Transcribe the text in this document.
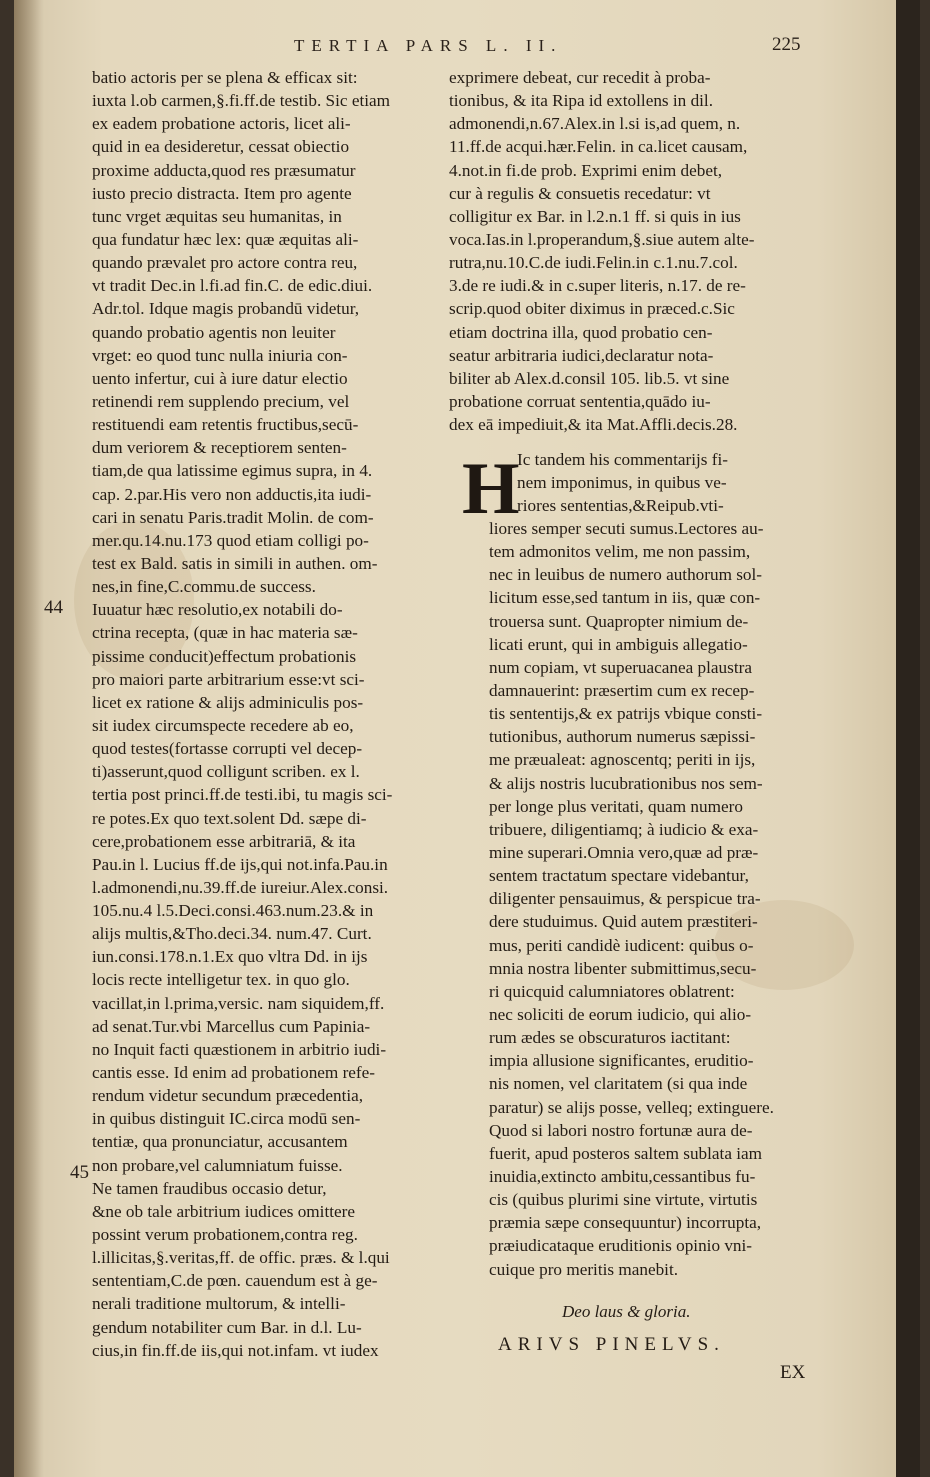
TERTIA PARS L. II.	225
batio actoris per se plena & efficax sit:
iuxta l.ob carmen,§.fi.ff.de testib. Sic etiam
ex eadem probatione actoris, licet ali-
quid in ea desideretur, cessat obiectio
proxime adducta,quod res præsumatur
iusto precio distracta. Item pro agente
tunc vrget æquitas seu humanitas, in
qua fundatur hæc lex: quæ æquitas ali-
quando prævalet pro actore contra reu,
vt tradit Dec.in l.fi.ad fin.C. de edic.diui.
Adr.tol. Idque magis probandū videtur,
quando probatio agentis non leuiter
vrget: eo quod tunc nulla iniuria con-
uento infertur, cui à iure datur electio
retinendi rem supplendo precium, vel
restituendi eam retentis fructibus,secū-
dum veriorem & receptiorem senten-
tiam,de qua latissime egimus supra, in 4.
cap. 2.par.His vero non adductis,ita iudi-
cari in senatu Paris.tradit Molin. de com-
mer.qu.14.nu.173 quod etiam colligi po-
test ex Bald. satis in simili in authen. om-
nes,in fine,C.commu.de success.
Iuuatur hæc resolutio,ex notabili do-
ctrina recepta, (quæ in hac materia sæ-
pissime conducit)effectum probationis
pro maiori parte arbitrarium esse:vt sci-
licet ex ratione & alijs adminiculis pos-
sit iudex circumspecte recedere ab eo,
quod testes(fortasse corrupti vel decep-
ti)asserunt,quod colligunt scriben. ex l.
tertia post princi.ff.de testi.ibi, tu magis sci-
re potes.Ex quo text.solent Dd. sæpe di-
cere,probationem esse arbitrariā, & ita
Pau.in l. Lucius ff.de ijs,qui not.infa.Pau.in
l.admonendi,nu.39.ff.de iureiur.Alex.consi.
105.nu.4 l.5.Deci.consi.463.num.23.& in
alijs multis,&Tho.deci.34. num.47. Curt.
iun.consi.178.n.1.Ex quo vltra Dd. in ijs
locis recte intelligetur tex. in quo glo.
vacillat,in l.prima,versic. nam siquidem,ff.
ad senat.Tur.vbi Marcellus cum Papinia-
no Inquit facti quæstionem in arbitrio iudi-
cantis esse. Id enim ad probationem refe-
rendum videtur secundum præcedentia,
in quibus distinguit IC.circa modū sen-
tentiæ, qua pronunciatur, accusantem
non probare,vel calumniatum fuisse.
Ne tamen fraudibus occasio detur,
&ne ob tale arbitrium iudices omittere
possint verum probationem,contra reg.
l.illicitas,§.veritas,ff. de offic. præs. & l.qui
sententiam,C.de pœn. cauendum est à ge-
nerali traditione multorum, & intelli-
gendum notabiliter cum Bar. in d.l. Lu-
cius,in fin.ff.de iis,qui not.infam. vt iudex
exprimere debeat, cur recedit à proba-
tionibus, & ita Ripa id extollens in dil.
admonendi,n.67.Alex.in l.si is,ad quem, n.
11.ff.de acqui.hær.Felin. in ca.licet causam,
4.not.in fi.de prob. Exprimi enim debet,
cur à regulis & consuetis recedatur: vt
colligitur ex Bar. in l.2.n.1 ff. si quis in ius
voca.Ias.in l.properandum,§.siue autem alte-
rutra,nu.10.C.de iudi.Felin.in c.1.nu.7.col.
3.de re iudi.& in c.super literis, n.17. de re-
scrip.quod obiter diximus in præced.c.Sic
etiam doctrina illa, quod probatio cen-
seatur arbitraria iudici,declaratur nota-
biliter ab Alex.d.consil 105. lib.5. vt sine
probatione corruat sententia,quādo iu-
dex eā impediuit,& ita Mat.Affli.decis.28.
44
45
H
Ic tandem his commentarijs fi-
nem imponimus, in quibus ve-
riores sententias,&Reipub.vti-
liores semper secuti sumus.Lectores au-
tem admonitos velim, me non passim,
nec in leuibus de numero authorum sol-
licitum esse,sed tantum in iis, quæ con-
trouersa sunt. Quapropter nimium de-
licati erunt, qui in ambiguis allegatio-
num copiam, vt superuacanea plaustra
damnauerint: præsertim cum ex recep-
tis sententijs,& ex patrijs vbique consti-
tutionibus, authorum numerus sæpissi-
me præualeat: agnoscentq; periti in ijs,
& alijs nostris lucubrationibus nos sem-
per longe plus veritati, quam numero
tribuere, diligentiamq; à iudicio & exa-
mine superari.Omnia vero,quæ ad præ-
sentem tractatum spectare videbantur,
diligenter pensauimus, & perspicue tra-
dere studuimus. Quid autem præstiteri-
mus, periti candidè iudicent: quibus o-
mnia nostra libenter submittimus,secu-
ri quicquid calumniatores oblatrent:
nec soliciti de eorum iudicio, qui alio-
rum ædes se obscuraturos iactitant:
impia allusione significantes, eruditio-
nis nomen, vel claritatem (si qua inde
paratur) se alijs posse, velleq; extinguere.
Quod si labori nostro fortunæ aura de-
fuerit, apud posteros saltem sublata iam
inuidia,extincto ambitu,cessantibus fu-
cis (quibus plurimi sine virtute, virtutis
præmia sæpe consequuntur) incorrupta,
præiudicataque eruditionis opinio vni-
cuique pro meritis manebit.
Deo laus & gloria.
ARIVS PINELVS.
EX
